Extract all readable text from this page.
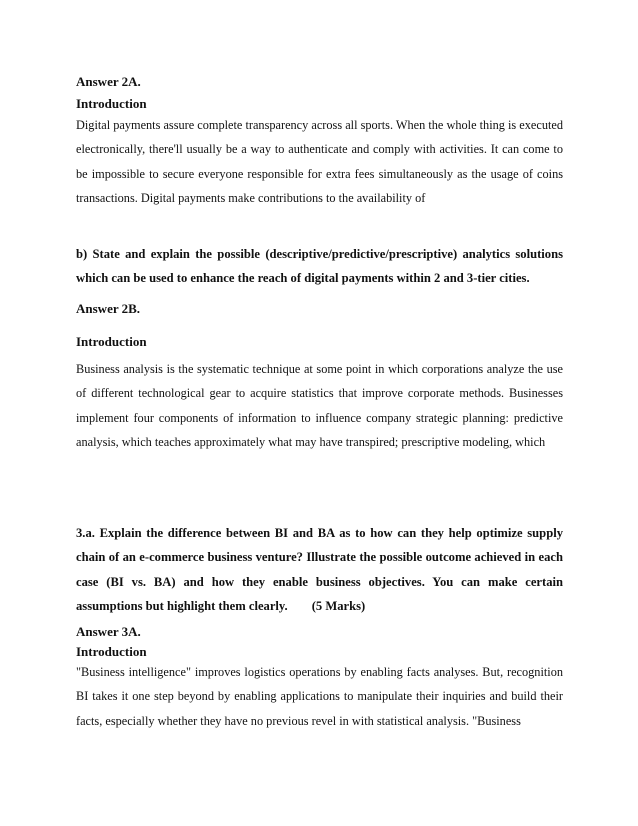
Answer 2A.
Introduction

Digital payments assure complete transparency across all sports. When the whole thing is executed electronically, there'll usually be a way to authenticate and comply with activities. It can come to be impossible to secure everyone responsible for extra fees simultaneously as the usage of coins transactions. Digital payments make contributions to the availability of

b) State and explain the possible (descriptive/predictive/prescriptive) analytics solutions which can be used to enhance the reach of digital payments within 2 and 3-tier cities.

Answer 2B.
Introduction

Business analysis is the systematic technique at some point in which corporations analyze the use of different technological gear to acquire statistics that improve corporate methods. Businesses implement four components of information to influence company strategic planning: predictive analysis, which teaches approximately what may have transpired; prescriptive modeling, which

3.a. Explain the difference between BI and BA as to how can they help optimize supply chain of an e-commerce business venture? Illustrate the possible outcome achieved in each case (BI vs. BA) and how they enable business objectives. You can make certain assumptions but highlight them clearly. (5 Marks)

Answer 3A.
Introduction

"Business intelligence" improves logistics operations by enabling facts analyses. But, recognition BI takes it one step beyond by enabling applications to manipulate their inquiries and build their facts, especially whether they have no previous revel in with statistical analysis. "Business
